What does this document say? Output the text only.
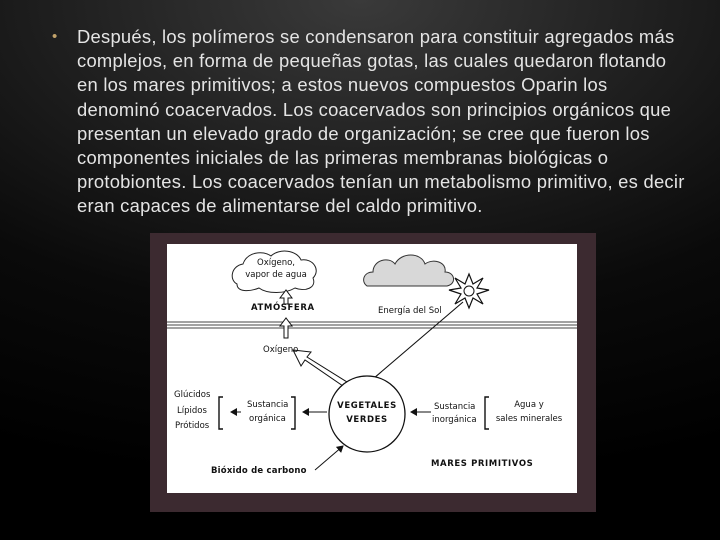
• Después, los polímeros se condensaron para constituir agregados más complejos, en forma de pequeñas gotas, las cuales quedaron flotando en los mares primitivos; a estos nuevos compuestos Oparin los denominó coacervados. Los coacervados son principios orgánicos que presentan un elevado grado de organización; se cree que fueron los componentes iniciales de las primeras membranas biológicas o protobiontes. Los coacervados tenían un metabolismo primitivo, es decir eran capaces de alimentarse del caldo primitivo.
Oxígeno,
vapor de agua
ATMÓSFERA	Energía del Sol
Oxígeno
Glúcidos
Lípidos
Prótidos
Sustancia
orgánica
VEGETALES
VERDES
Sustancia
inorgánica
Agua y
sales minerales
Bióxido de carbono
MARES PRIMITIVOS
